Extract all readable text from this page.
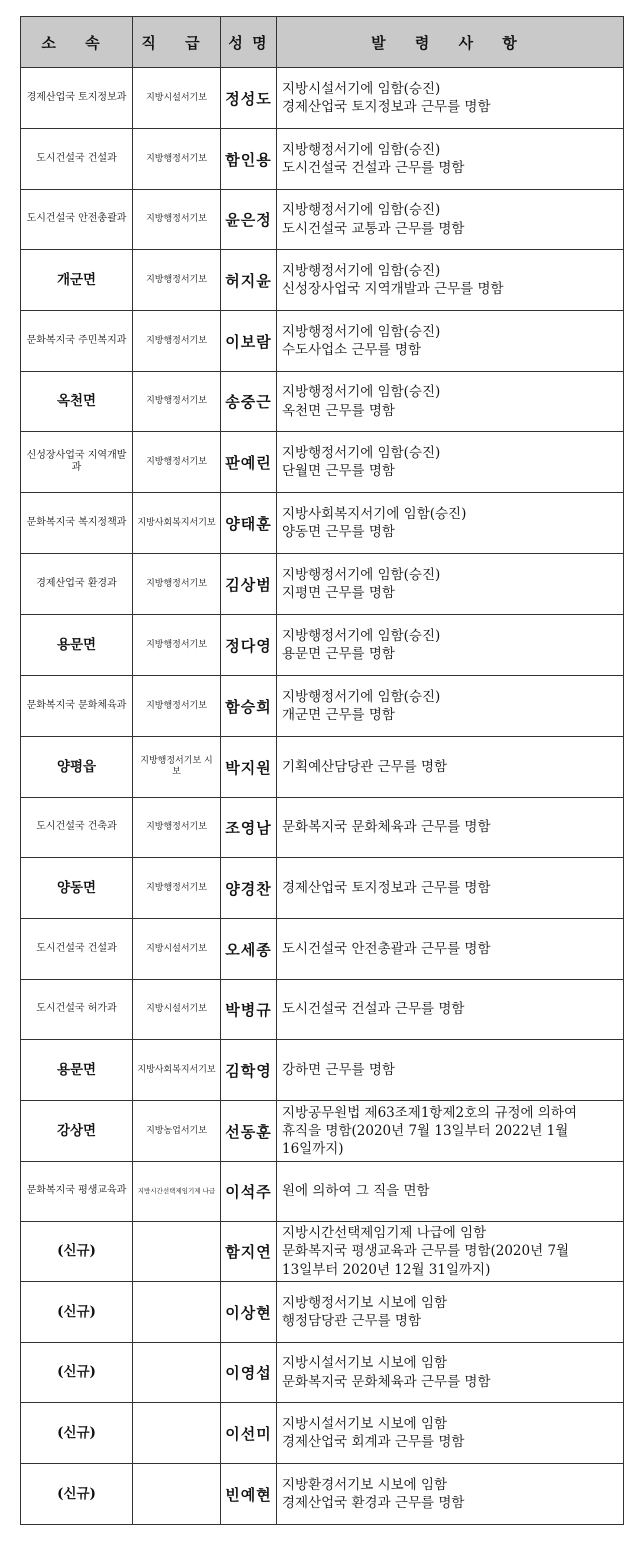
소 속	직 급	성 명	발 령 사 항
경제산업국 토지정보과	지방시설서기보	정성도	지방시설서기에 임함(승진)
경제산업국 토지정보과 근무를 명함

도시건설국 건설과	지방행정서기보	함인용	지방행정서기에 임함(승진)
도시건설국 건설과 근무를 명함

도시건설국 안전총괄과	지방행정서기보	윤은정	지방행정서기에 임함(승진)
도시건설국 교통과 근무를 명함

개군면	지방행정서기보	허지윤	지방행정서기에 임함(승진)
신성장사업국 지역개발과 근무를 명함

문화복지국 주민복지과	지방행정서기보	이보람	지방행정서기에 임함(승진)
수도사업소 근무를 명함

옥천면	지방행정서기보	송중근	지방행정서기에 임함(승진)
옥천면 근무를 명함

신성장사업국 지역개발과	지방행정서기보	판예린	지방행정서기에 임함(승진)
단월면 근무를 명함

문화복지국 복지정책과	지방사회복지서기보	양태훈	지방사회복지서기에 임함(승진)
양동면 근무를 명함

경제산업국 환경과	지방행정서기보	김상범	지방행정서기에 임함(승진)
지평면 근무를 명함

용문면	지방행정서기보	정다영	지방행정서기에 임함(승진)
용문면 근무를 명함

문화복지국 문화체육과	지방행정서기보	함승희	지방행정서기에 임함(승진)
개군면 근무를 명함

양평읍	지방행정서기보 시보	박지원	기획예산담당관 근무를 명함

도시건설국 건축과	지방행정서기보	조영남	문화복지국 문화체육과 근무를 명함

양동면	지방행정서기보	양경찬	경제산업국 토지정보과 근무를 명함

도시건설국 건설과	지방시설서기보	오세종	도시건설국 안전총괄과 근무를 명함

도시건설국 허가과	지방시설서기보	박병규	도시건설국 건설과 근무를 명함

용문면	지방사회복지서기보	김학영	강하면 근무를 명함

강상면	지방농업서기보	선동훈	지방공무원법 제63조제1항제2호의 규정에 의하여
휴직을 명함(2020년 7월 13일부터 2022년 1월
16일까지)

문화복지국 평생교육과	지방시간선택제임기제 나급	이석주	원에 의하여 그 직을 면함

(신규)		함지연	지방시간선택제임기제 나급에 임함
문화복지국 평생교육과 근무를 명함(2020년 7월
13일부터 2020년 12월 31일까지)

(신규)		이상현	지방행정서기보 시보에 임함
행정담당관 근무를 명함

(신규)		이영섭	지방시설서기보 시보에 임함
문화복지국 문화체육과 근무를 명함

(신규)		이선미	지방시설서기보 시보에 임함
경제산업국 회계과 근무를 명함

(신규)		빈예현	지방환경서기보 시보에 임함
경제산업국 환경과 근무를 명함
